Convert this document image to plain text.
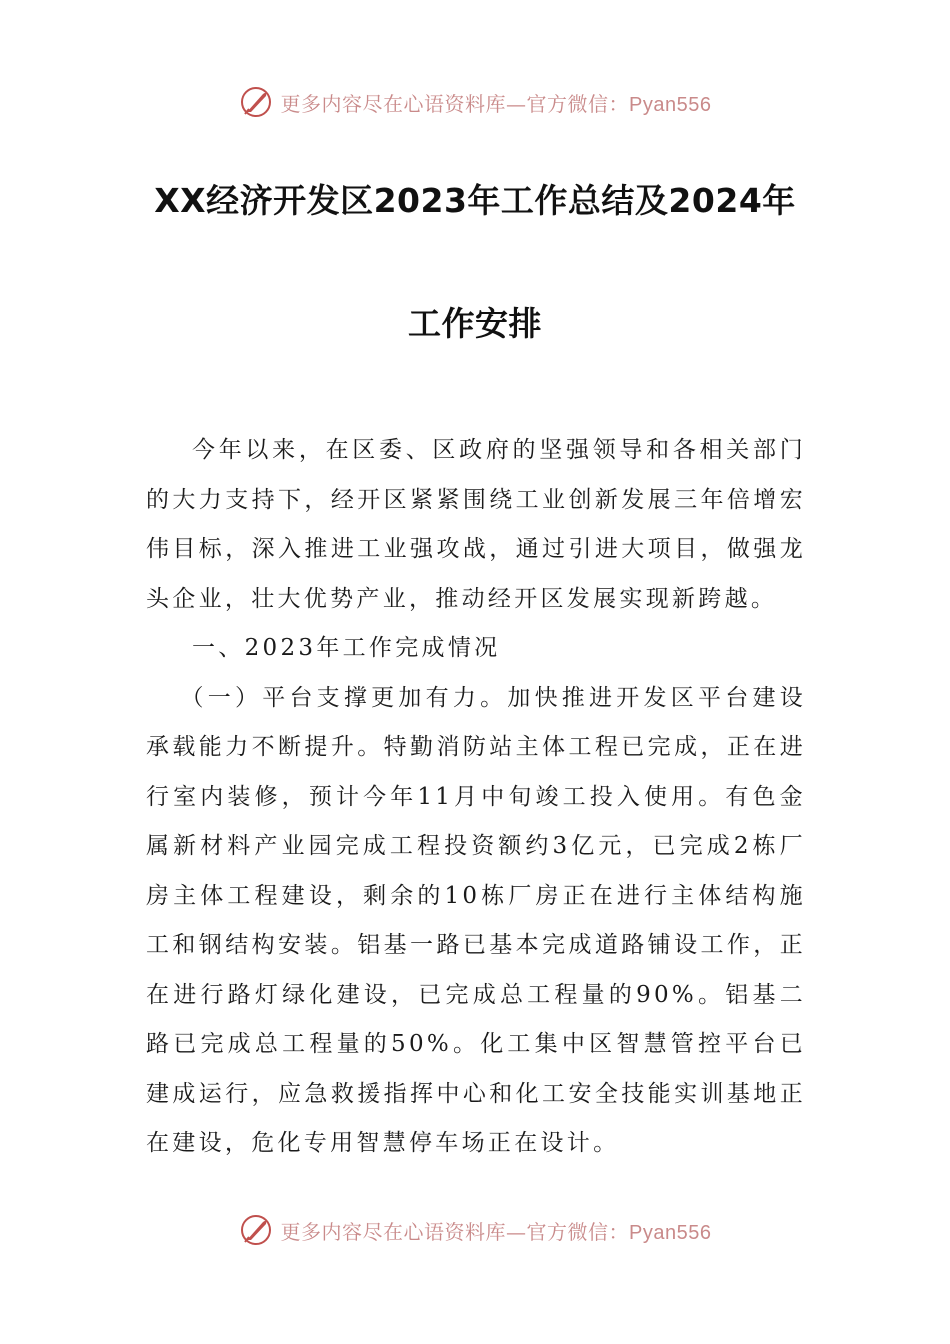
更多内容尽在心语资料库—官方微信：Pyan556
XX经济开发区2023年工作总结及2024年
工作安排

今年以来，在区委、区政府的坚强领导和各相关部门的大力支持下，经开区紧紧围绕工业创新发展三年倍增宏伟目标，深入推进工业强攻战，通过引进大项目，做强龙头企业，壮大优势产业，推动经开区发展实现新跨越。

一、2023年工作完成情况

（一）平台支撑更加有力。加快推进开发区平台建设承载能力不断提升。特勤消防站主体工程已完成，正在进行室内装修，预计今年11月中旬竣工投入使用。有色金属新材料产业园完成工程投资额约3亿元，已完成2栋厂房主体工程建设，剩余的10栋厂房正在进行主体结构施工和钢结构安装。铝基一路已基本完成道路铺设工作，正在进行路灯绿化建设，已完成总工程量的90%。铝基二路已完成总工程量的50%。化工集中区智慧管控平台已建成运行，应急救援指挥中心和化工安全技能实训基地正在建设，危化专用智慧停车场正在设计。

更多内容尽在心语资料库—官方微信：Pyan556
